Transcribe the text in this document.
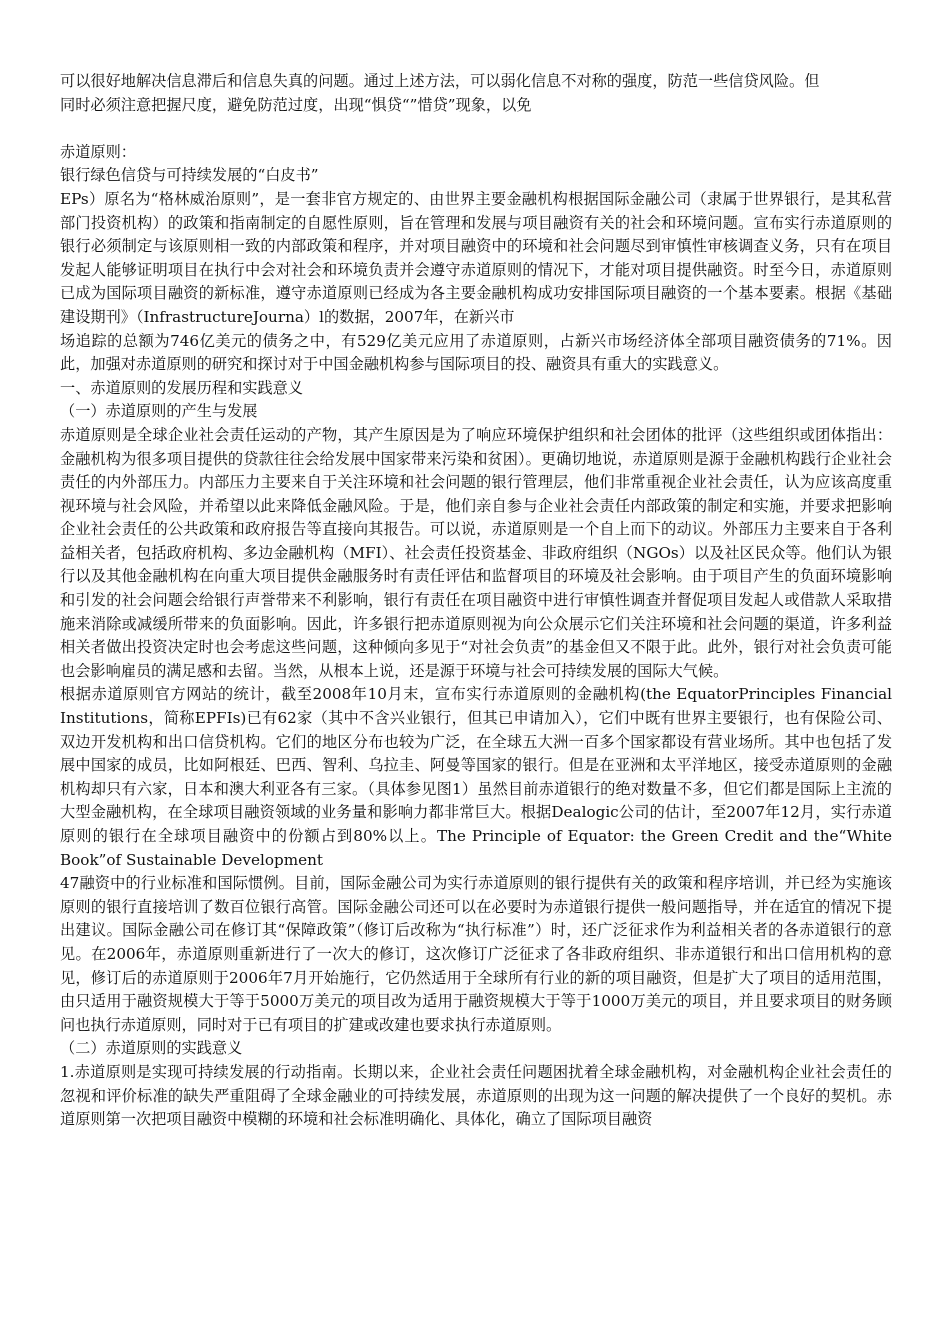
可以很好地解决信息滞后和信息失真的问题。通过上述方法，可以弱化信息不对称的强度，防范一些信贷风险。但

同时必须注意把握尺度，避免防范过度，出现“惧贷“”惜贷”现象，以免

赤道原则：

银行绿色信贷与可持续发展的“白皮书”

EPs）原名为“格林威治原则”，是一套非官方规定的、由世界主要金融机构根据国际金融公司（隶属于世界银行，是其私营部门投资机构）的政策和指南制定的自愿性原则，旨在管理和发展与项目融资有关的社会和环境问题。宣布实行赤道原则的银行必须制定与该原则相一致的内部政策和程序，并对项目融资中的环境和社会问题尽到审慎性审核调查义务，只有在项目发起人能够证明项目在执行中会对社会和环境负责并会遵守赤道原则的情况下，才能对项目提供融资。时至今日，赤道原则已成为国际项目融资的新标准，遵守赤道原则已经成为各主要金融机构成功安排国际项目融资的一个基本要素。根据《基础建设期刊》（InfrastructureJourna）l的数据，2007年，在新兴市

场追踪的总额为746亿美元的债务之中，有529亿美元应用了赤道原则，占新兴市场经济体全部项目融资债务的71%。因此，加强对赤道原则的研究和探讨对于中国金融机构参与国际项目的投、融资具有重大的实践意义。

一、赤道原则的发展历程和实践意义

（一）赤道原则的产生与发展

赤道原则是全球企业社会责任运动的产物，其产生原因是为了响应环境保护组织和社会团体的批评（这些组织或团体指出：金融机构为很多项目提供的贷款往往会给发展中国家带来污染和贫困）。更确切地说，赤道原则是源于金融机构践行企业社会责任的内外部压力。内部压力主要来自于关注环境和社会问题的银行管理层，他们非常重视企业社会责任，认为应该高度重视环境与社会风险，并希望以此来降低金融风险。于是，他们亲自参与企业社会责任内部政策的制定和实施，并要求把影响企业社会责任的公共政策和政府报告等直接向其报告。可以说，赤道原则是一个自上而下的动议。外部压力主要来自于各利益相关者，包括政府机构、多边金融机构（MFI）、社会责任投资基金、非政府组织（NGOs）以及社区民众等。他们认为银行以及其他金融机构在向重大项目提供金融服务时有责任评估和监督项目的环境及社会影响。由于项目产生的负面环境影响和引发的社会问题会给银行声誉带来不利影响，银行有责任在项目融资中进行审慎性调查并督促项目发起人或借款人采取措施来消除或减缓所带来的负面影响。因此，许多银行把赤道原则视为向公众展示它们关注环境和社会问题的渠道，许多利益相关者做出投资决定时也会考虑这些问题，这种倾向多见于“对社会负责”的基金但又不限于此。此外，银行对社会负责可能也会影响雇员的满足感和去留。当然，从根本上说，还是源于环境与社会可持续发展的国际大气候。

根据赤道原则官方网站的统计，截至2008年10月末，宣布实行赤道原则的金融机构(the EquatorPrinciples Financial Institutions，简称EPFIs)已有62家（其中不含兴业银行，但其已申请加入），它们中既有世界主要银行，也有保险公司、双边开发机构和出口信贷机构。它们的地区分布也较为广泛，在全球五大洲一百多个国家都设有营业场所。其中也包括了发展中国家的成员，比如阿根廷、巴西、智利、乌拉圭、阿曼等国家的银行。但是在亚洲和太平洋地区，接受赤道原则的金融机构却只有六家，日本和澳大利亚各有三家。（具体参见图1）虽然目前赤道银行的绝对数量不多，但它们都是国际上主流的大型金融机构，在全球项目融资领域的业务量和影响力都非常巨大。根据Dealogic公司的估计，至2007年12月，实行赤道原则的银行在全球项目融资中的份额占到80%以上。The Principle of Equator: the Green Credit and the“White Book”of Sustainable Development

47融资中的行业标准和国际惯例。目前，国际金融公司为实行赤道原则的银行提供有关的政策和程序培训，并已经为实施该原则的银行直接培训了数百位银行高管。国际金融公司还可以在必要时为赤道银行提供一般问题指导，并在适宜的情况下提出建议。国际金融公司在修订其“保障政策”（修订后改称为“执行标准”）时，还广泛征求作为利益相关者的各赤道银行的意见。在2006年，赤道原则重新进行了一次大的修订，这次修订广泛征求了各非政府组织、非赤道银行和出口信用机构的意见，修订后的赤道原则于2006年7月开始施行，它仍然适用于全球所有行业的新的项目融资，但是扩大了项目的适用范围，由只适用于融资规模大于等于5000万美元的项目改为适用于融资规模大于等于1000万美元的项目，并且要求项目的财务顾问也执行赤道原则，同时对于已有项目的扩建或改建也要求执行赤道原则。

（二）赤道原则的实践意义

1.赤道原则是实现可持续发展的行动指南。长期以来，企业社会责任问题困扰着全球金融机构，对金融机构企业社会责任的忽视和评价标准的缺失严重阻碍了全球金融业的可持续发展，赤道原则的出现为这一问题的解决提供了一个良好的契机。赤道原则第一次把项目融资中模糊的环境和社会标准明确化、具体化，确立了国际项目融资
